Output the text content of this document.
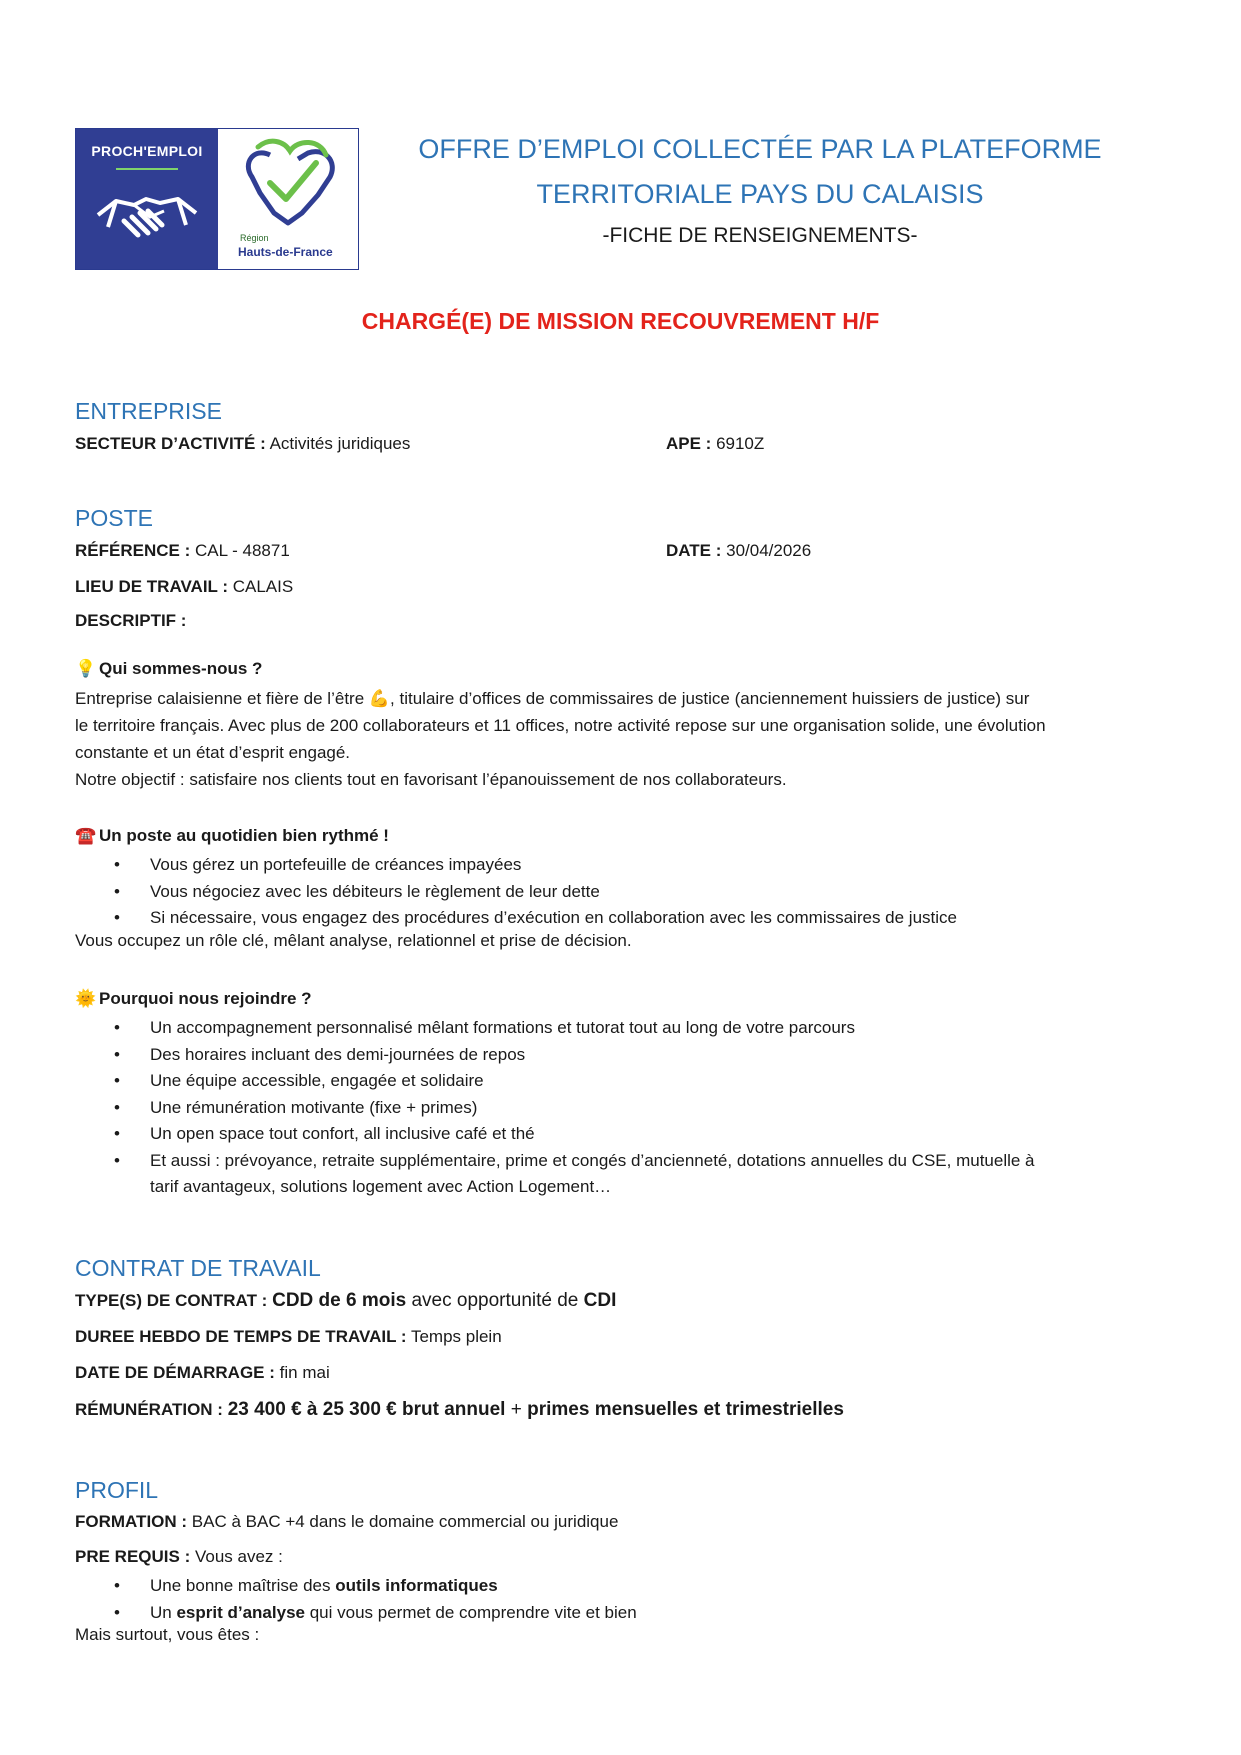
PROCH'EMPLOI
Région
Hauts-de-France
OFFRE D’EMPLOI COLLECTÉE PAR LA PLATEFORME
TERRITORIALE PAYS DU CALAISIS
-FICHE DE RENSEIGNEMENTS-
CHARGÉ(E) DE MISSION RECOUVREMENT H/F
ENTREPRISE
SECTEUR D’ACTIVITÉ : Activités juridiques	APE : 6910Z
POSTE
RÉFÉRENCE : CAL - 48871	DATE : 30/04/2026
LIEU DE TRAVAIL : CALAIS
DESCRIPTIF :
💡 Qui sommes-nous ?
Entreprise calaisienne et fière de l’être 💪, titulaire d’offices de commissaires de justice (anciennement huissiers de justice) sur
le territoire français. Avec plus de 200 collaborateurs et 11 offices, notre activité repose sur une organisation solide, une évolution
constante et un état d’esprit engagé.
Notre objectif : satisfaire nos clients tout en favorisant l’épanouissement de nos collaborateurs.
☎️ Un poste au quotidien bien rythmé !
• Vous gérez un portefeuille de créances impayées
• Vous négociez avec les débiteurs le règlement de leur dette
• Si nécessaire, vous engagez des procédures d’exécution en collaboration avec les commissaires de justice
Vous occupez un rôle clé, mêlant analyse, relationnel et prise de décision.
🌞 Pourquoi nous rejoindre ?
• Un accompagnement personnalisé mêlant formations et tutorat tout au long de votre parcours
• Des horaires incluant des demi-journées de repos
• Une équipe accessible, engagée et solidaire
• Une rémunération motivante (fixe + primes)
• Un open space tout confort, all inclusive café et thé
• Et aussi : prévoyance, retraite supplémentaire, prime et congés d’ancienneté, dotations annuelles du CSE, mutuelle à
tarif avantageux, solutions logement avec Action Logement…
CONTRAT DE TRAVAIL
TYPE(S) DE CONTRAT : CDD de 6 mois avec opportunité de CDI
DUREE HEBDO DE TEMPS DE TRAVAIL : Temps plein
DATE DE DÉMARRAGE : fin mai
RÉMUNÉRATION : 23 400 € à 25 300 € brut annuel + primes mensuelles et trimestrielles
PROFIL
FORMATION : BAC à BAC +4 dans le domaine commercial ou juridique
PRE REQUIS : Vous avez :
• Une bonne maîtrise des outils informatiques
• Un esprit d’analyse qui vous permet de comprendre vite et bien
Mais surtout, vous êtes :
